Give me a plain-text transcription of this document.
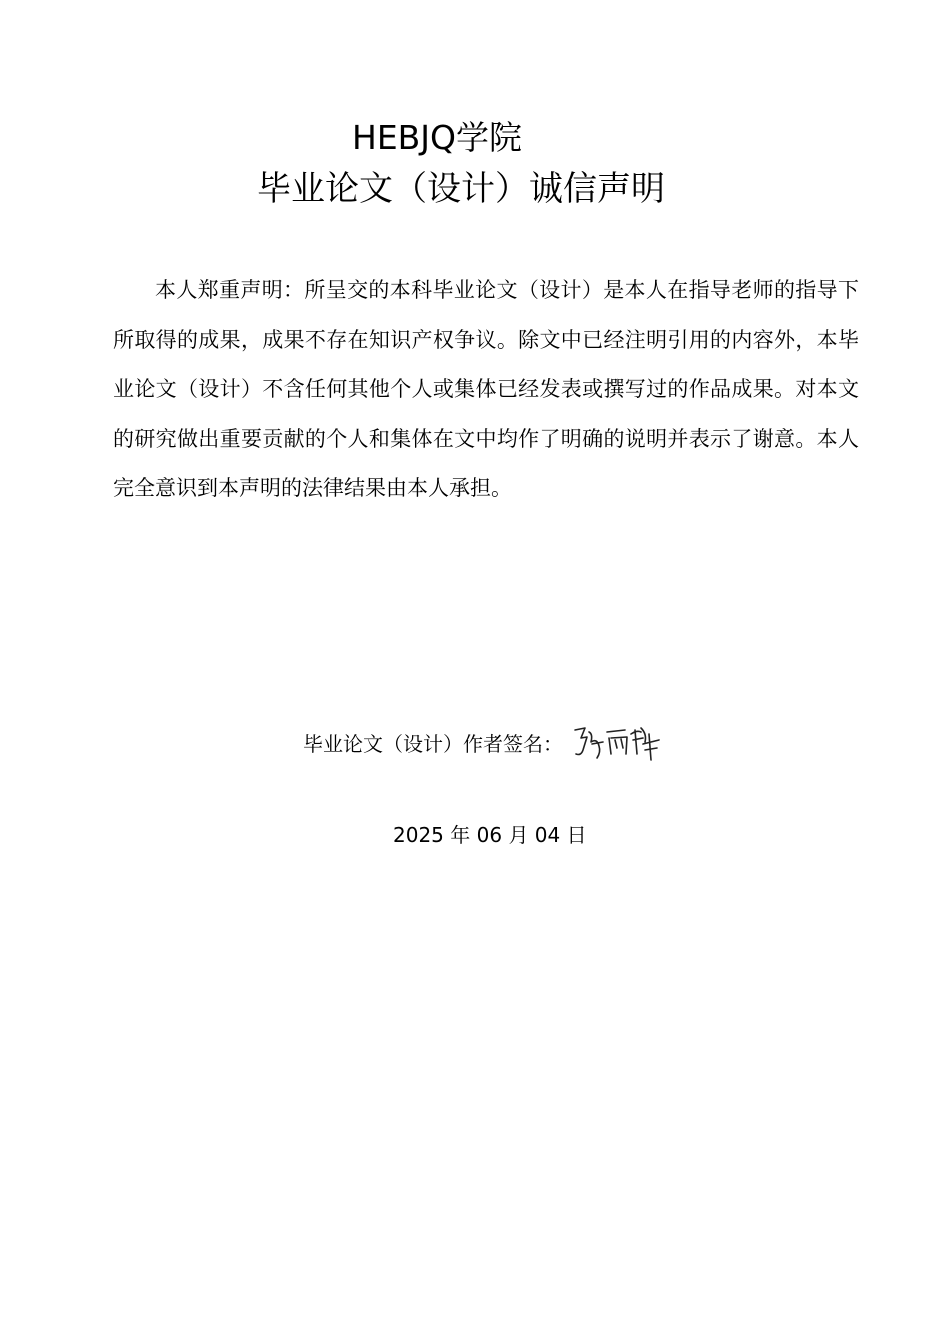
HEBJQ学院
毕业论文（设计）诚信声明
本人郑重声明：所呈交的本科毕业论文（设计）是本人在指导老师的指导下所取得的成果，成果不存在知识产权争议。除文中已经注明引用的内容外，本毕业论文（设计）不含任何其他个人或集体已经发表或撰写过的作品成果。对本文的研究做出重要贡献的个人和集体在文中均作了明确的说明并表示了谢意。本人完全意识到本声明的法律结果由本人承担。
毕业论文（设计）作者签名：
2025 年 06 月 04 日
